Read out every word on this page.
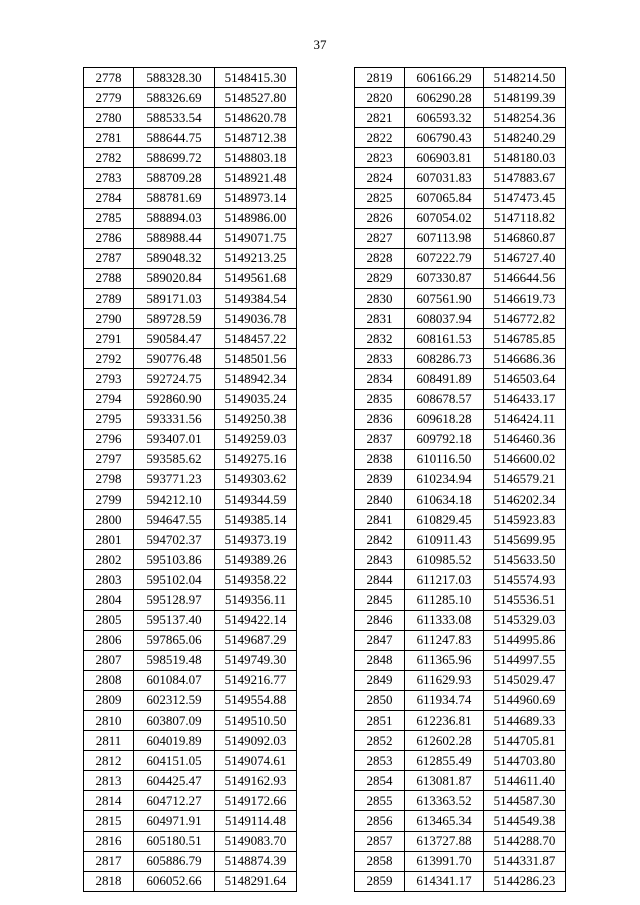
37
2778	588328.30	5148415.30
2779	588326.69	5148527.80
2780	588533.54	5148620.78
2781	588644.75	5148712.38
2782	588699.72	5148803.18
2783	588709.28	5148921.48
2784	588781.69	5148973.14
2785	588894.03	5148986.00
2786	588988.44	5149071.75
2787	589048.32	5149213.25
2788	589020.84	5149561.68
2789	589171.03	5149384.54
2790	589728.59	5149036.78
2791	590584.47	5148457.22
2792	590776.48	5148501.56
2793	592724.75	5148942.34
2794	592860.90	5149035.24
2795	593331.56	5149250.38
2796	593407.01	5149259.03
2797	593585.62	5149275.16
2798	593771.23	5149303.62
2799	594212.10	5149344.59
2800	594647.55	5149385.14
2801	594702.37	5149373.19
2802	595103.86	5149389.26
2803	595102.04	5149358.22
2804	595128.97	5149356.11
2805	595137.40	5149422.14
2806	597865.06	5149687.29
2807	598519.48	5149749.30
2808	601084.07	5149216.77
2809	602312.59	5149554.88
2810	603807.09	5149510.50
2811	604019.89	5149092.03
2812	604151.05	5149074.61
2813	604425.47	5149162.93
2814	604712.27	5149172.66
2815	604971.91	5149114.48
2816	605180.51	5149083.70
2817	605886.79	5148874.39
2818	606052.66	5148291.64
2819	606166.29	5148214.50
2820	606290.28	5148199.39
2821	606593.32	5148254.36
2822	606790.43	5148240.29
2823	606903.81	5148180.03
2824	607031.83	5147883.67
2825	607065.84	5147473.45
2826	607054.02	5147118.82
2827	607113.98	5146860.87
2828	607222.79	5146727.40
2829	607330.87	5146644.56
2830	607561.90	5146619.73
2831	608037.94	5146772.82
2832	608161.53	5146785.85
2833	608286.73	5146686.36
2834	608491.89	5146503.64
2835	608678.57	5146433.17
2836	609618.28	5146424.11
2837	609792.18	5146460.36
2838	610116.50	5146600.02
2839	610234.94	5146579.21
2840	610634.18	5146202.34
2841	610829.45	5145923.83
2842	610911.43	5145699.95
2843	610985.52	5145633.50
2844	611217.03	5145574.93
2845	611285.10	5145536.51
2846	611333.08	5145329.03
2847	611247.83	5144995.86
2848	611365.96	5144997.55
2849	611629.93	5145029.47
2850	611934.74	5144960.69
2851	612236.81	5144689.33
2852	612602.28	5144705.81
2853	612855.49	5144703.80
2854	613081.87	5144611.40
2855	613363.52	5144587.30
2856	613465.34	5144549.38
2857	613727.88	5144288.70
2858	613991.70	5144331.87
2859	614341.17	5144286.23
